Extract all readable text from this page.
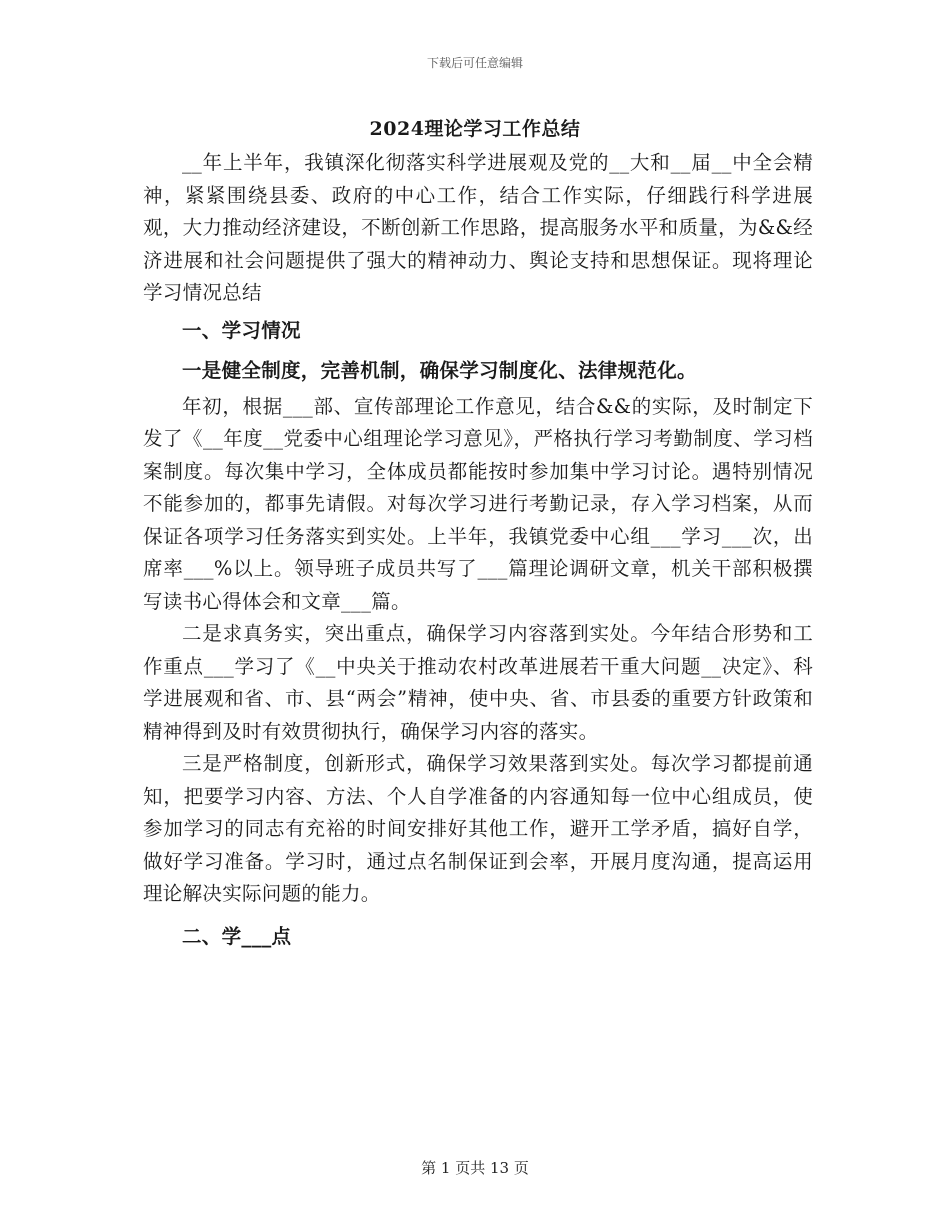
下载后可任意编辑
2024理论学习工作总结

__年上半年，我镇深化彻落实科学进展观及党的__大和__届__中全会精神，紧紧围绕县委、政府的中心工作，结合工作实际，仔细践行科学进展观，大力推动经济建设，不断创新工作思路，提高服务水平和质量，为&&经济进展和社会问题提供了强大的精神动力、舆论支持和思想保证。现将理论学习情况总结

一、学习情况
一是健全制度，完善机制，确保学习制度化、法律规范化。

年初，根据___部、宣传部理论工作意见，结合&&的实际，及时制定下发了《__年度__党委中心组理论学习意见》，严格执行学习考勤制度、学习档案制度。每次集中学习，全体成员都能按时参加集中学习讨论。遇特别情况不能参加的，都事先请假。对每次学习进行考勤记录，存入学习档案，从而保证各项学习任务落实到实处。上半年，我镇党委中心组___学习___次，出席率___%以上。领导班子成员共写了___篇理论调研文章，机关干部积极撰写读书心得体会和文章___篇。

二是求真务实，突出重点，确保学习内容落到实处。今年结合形势和工作重点___学习了《__中央关于推动农村改革进展若干重大问题__决定》、科学进展观和省、市、县“两会”精神，使中央、省、市县委的重要方针政策和精神得到及时有效贯彻执行，确保学习内容的落实。

三是严格制度，创新形式，确保学习效果落到实处。每次学习都提前通知，把要学习内容、方法、个人自学准备的内容通知每一位中心组成员，使参加学习的同志有充裕的时间安排好其他工作，避开工学矛盾，搞好自学，做好学习准备。学习时，通过点名制保证到会率，开展月度沟通，提高运用理论解决实际问题的能力。

二、学___点
第 1 页共 13 页
